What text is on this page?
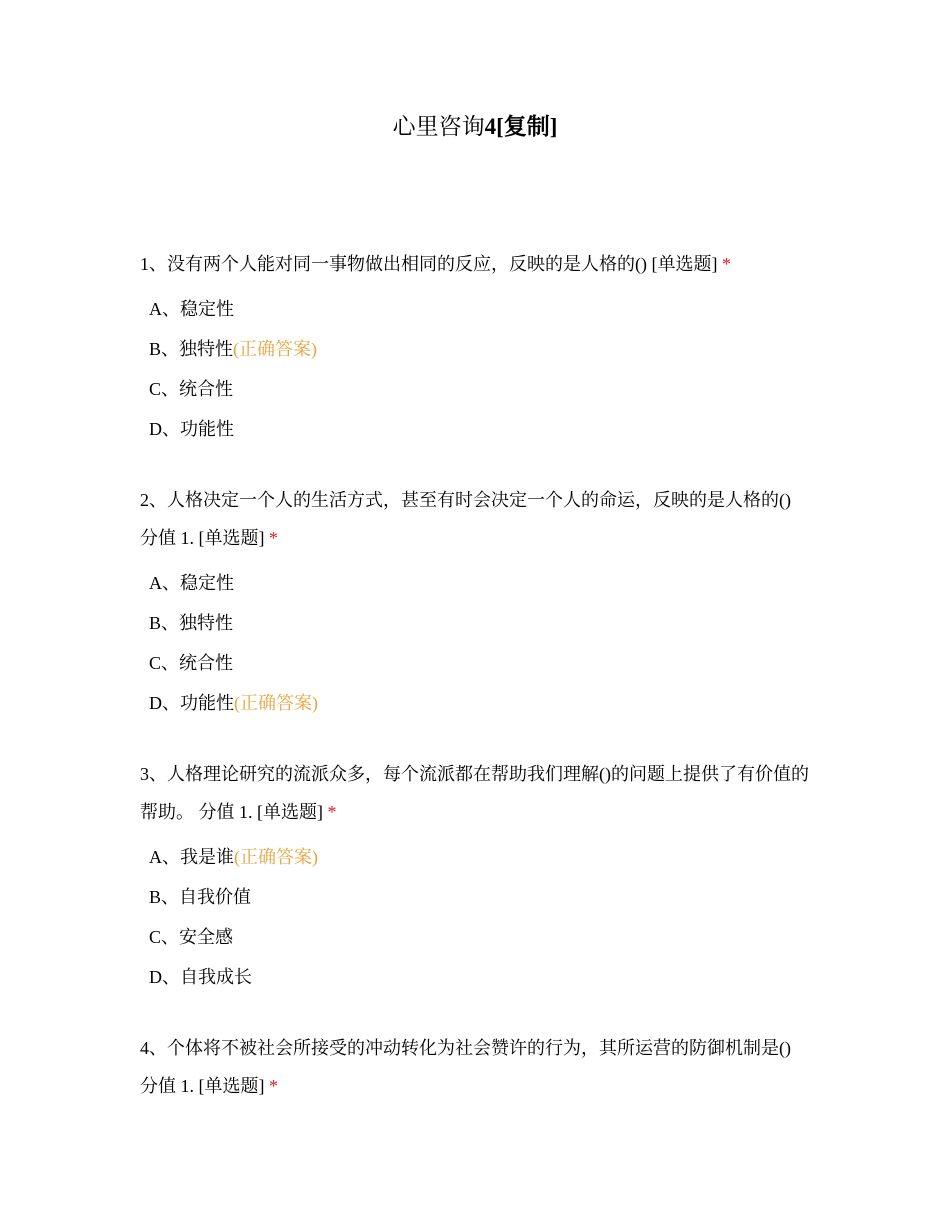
心里咨询4[复制]
1、没有两个人能对同一事物做出相同的反应，反映的是人格的() [单选题] *
A、稳定性
B、独特性(正确答案)
C、统合性
D、功能性
2、人格决定一个人的生活方式，甚至有时会决定一个人的命运，反映的是人格的() 分值 1. [单选题] *
A、稳定性
B、独特性
C、统合性
D、功能性(正确答案)
3、人格理论研究的流派众多，每个流派都在帮助我们理解()的问题上提供了有价值的帮助。 分值 1. [单选题] *
A、我是谁(正确答案)
B、自我价值
C、安全感
D、自我成长
4、个体将不被社会所接受的冲动转化为社会赞许的行为，其所运营的防御机制是() 分值 1. [单选题] *
